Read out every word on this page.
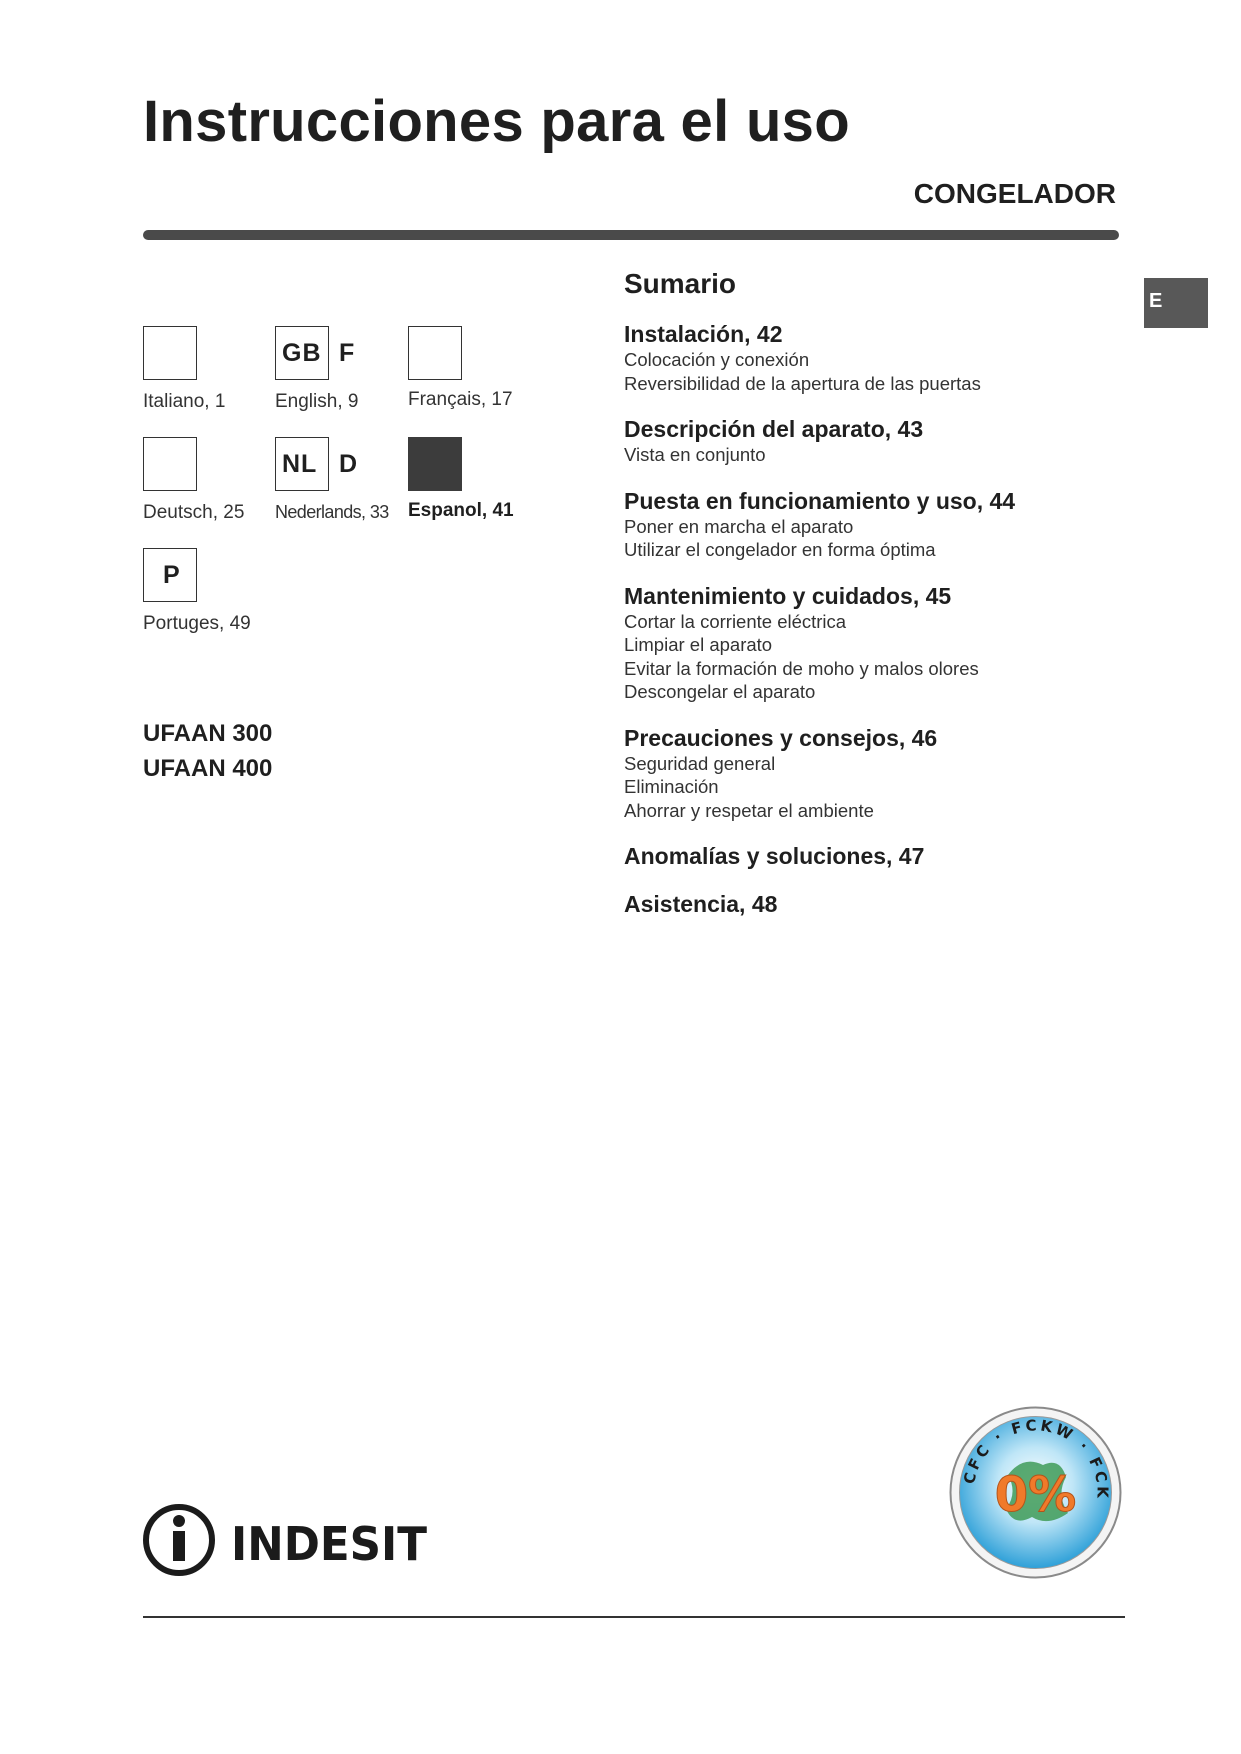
Instrucciones para el uso
CONGELADOR
E
Italiano, 1
GB F
English, 9	Français, 17
Deutsch, 25
NL D
Nederlands, 33	Espanol, 41
P
Portuges, 49
UFAAN 300
UFAAN 400
Sumario
Instalación, 42
Colocación y conexión
Reversibilidad de la apertura de las puertas
Descripción del aparato, 43
Vista en conjunto
Puesta en funcionamiento y uso, 44
Poner en marcha el aparato
Utilizar el congelador en forma óptima
Mantenimiento y cuidados, 45
Cortar la corriente eléctrica
Limpiar el aparato
Evitar la formación de moho y malos olores
Descongelar el aparato
Precauciones y consejos, 46
Seguridad general
Eliminación
Ahorrar y respetar el ambiente
Anomalías y soluciones, 47
Asistencia, 48
INDESIT
CFC · FCKW · FCK
0%
